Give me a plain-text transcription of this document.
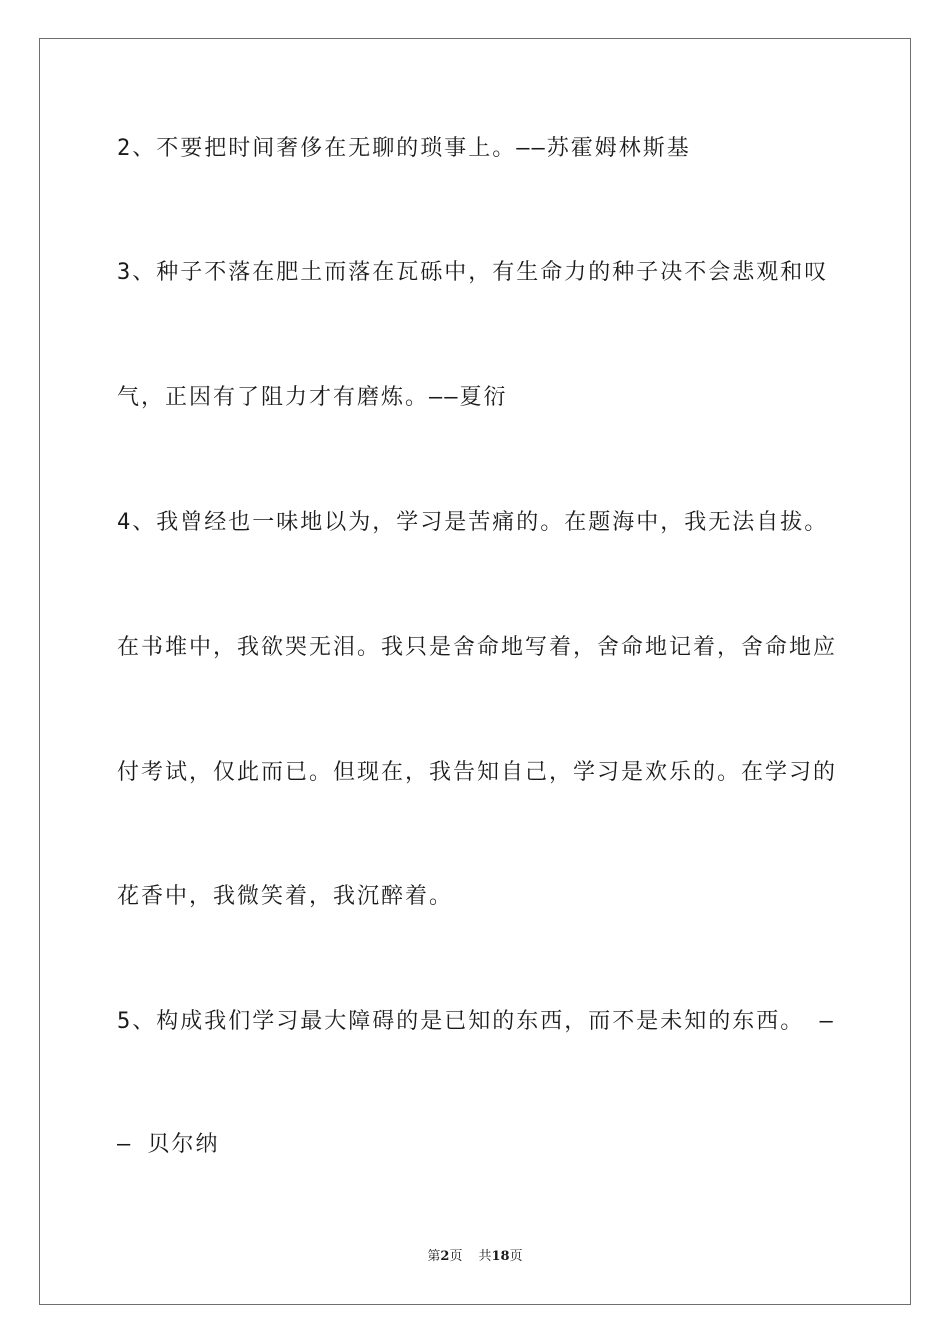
2、不要把时间奢侈在无聊的琐事上。——苏霍姆林斯基
3、种子不落在肥土而落在瓦砾中，有生命力的种子决不会悲观和叹
气，正因有了阻力才有磨炼。——夏衍
4、我曾经也一味地以为，学习是苦痛的。在题海中，我无法自拔。
在书堆中，我欲哭无泪。我只是舍命地写着，舍命地记着，舍命地应
付考试，仅此而已。但现在，我告知自己，学习是欢乐的。在学习的
花香中，我微笑着，我沉醉着。
5、构成我们学习最大障碍的是已知的东西，而不是未知的东西。 —
— 贝尔纳
第2页 共18页
